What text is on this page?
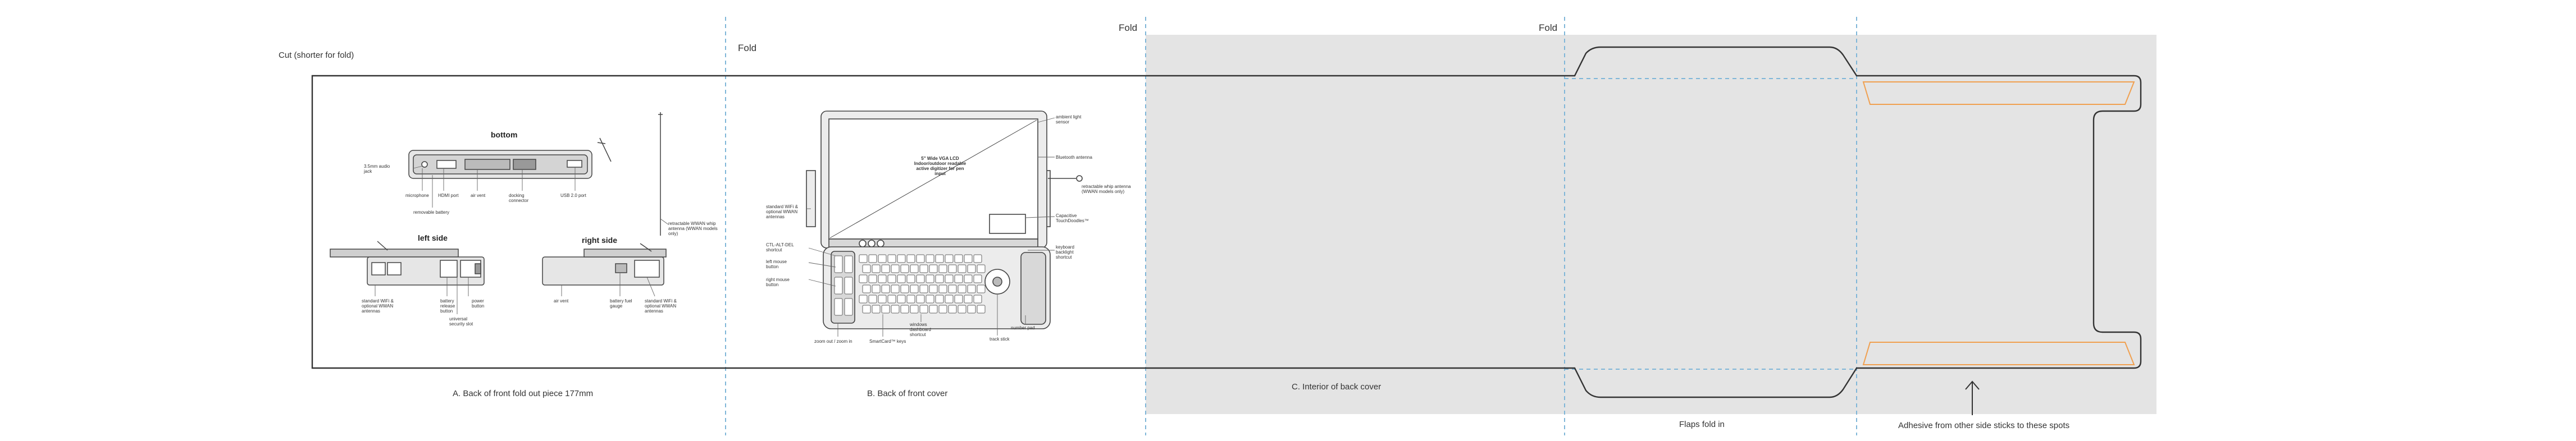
Cut (shorter for fold)
Fold
Fold	Fold
A. Back of front fold out piece 177mm	B. Back of front cover
C. Interior of back cover
Flaps fold in	Adhesive from other side sticks to these spots
bottom
left side	right side
3.5mm audio jack
microphone HDMI port
removable battery
air vent	docking connector
USB 2.0 port
retractable WWAN whip antenna (WWAN models only)
standard WiFi & optional WWAN antennas
battery release button
universal security slot
power button
air vent	battery fuel gauge
standard WiFi & optional WWAN antennas
5" Wide VGA LCD Indoor/outdoor readable active digitizer for pen input
standard WiFi & optional WWAN antennas
CTL-ALT-DEL shortcut
left mouse button
right mouse button
zoom out / zoom in	SmartCard™ keys
windows dashboard shortcut
ambient light sensor
Bluetooth antenna
retractable whip antenna (WWAN models only)
Capacitive TouchDoodles™
keyboard backlight shortcut
number pad
track stick
